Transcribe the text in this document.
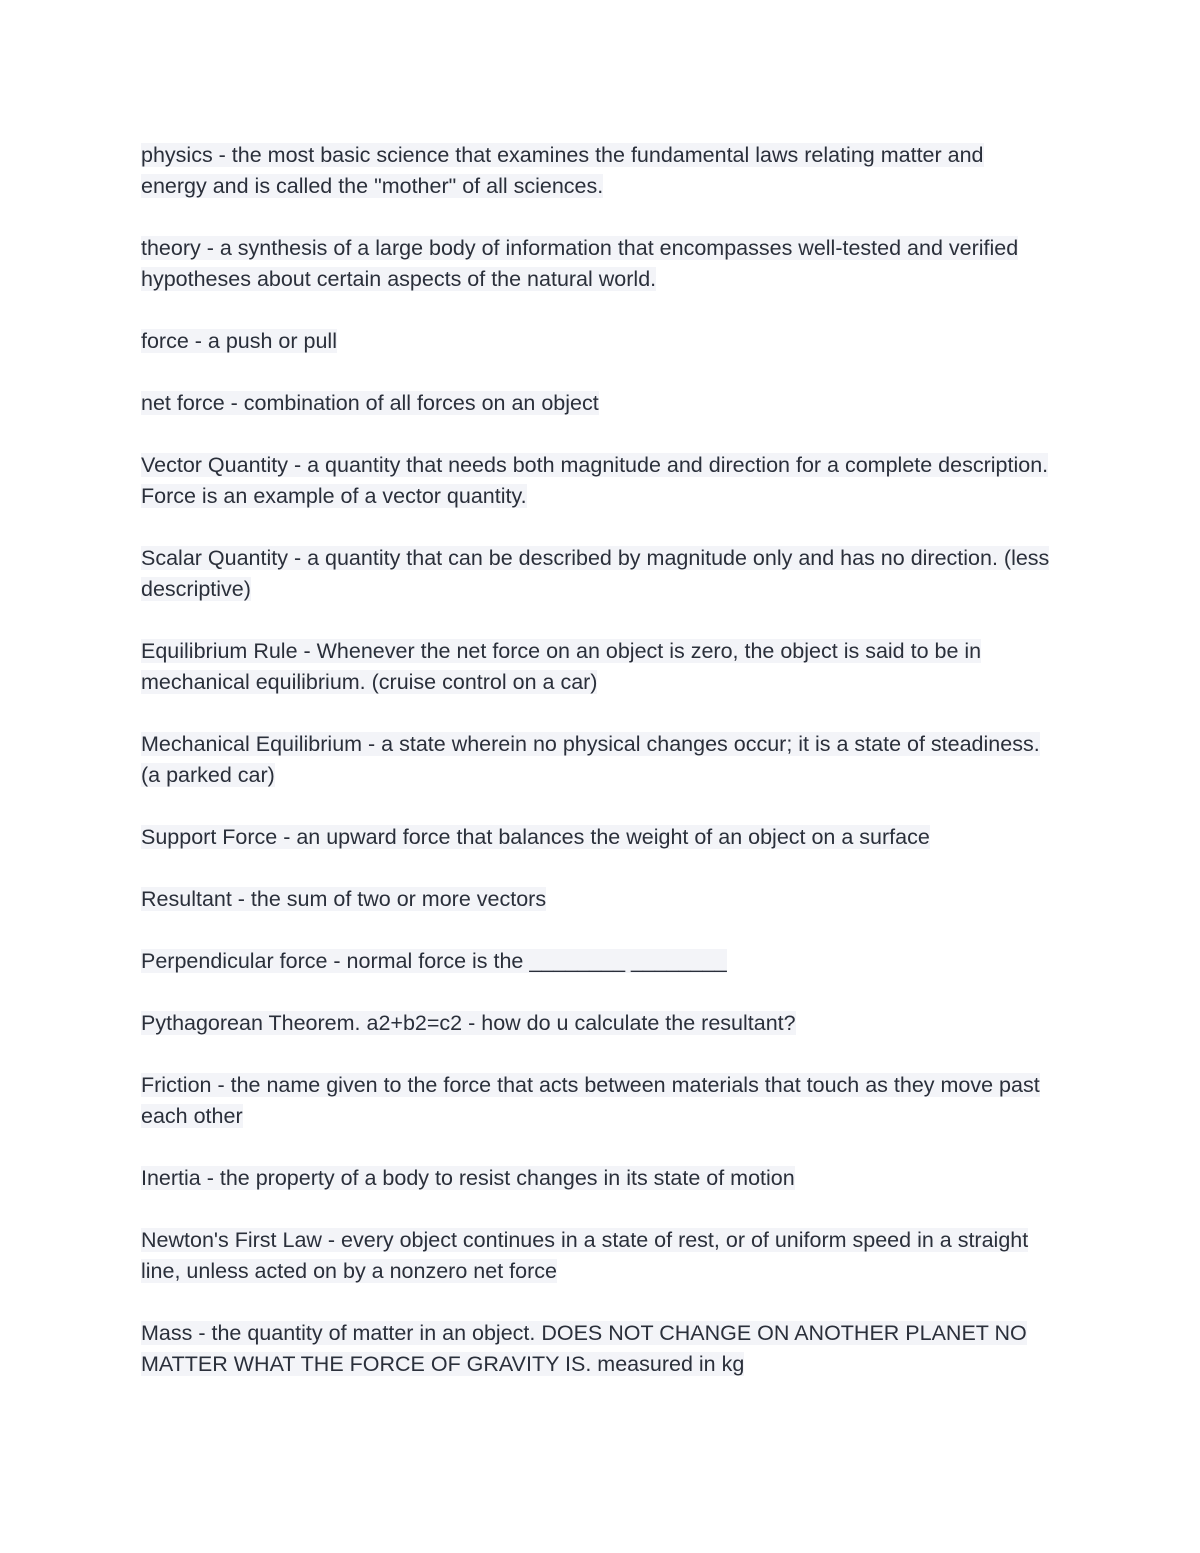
physics - the most basic science that examines the fundamental laws relating matter and energy and is called the "mother" of all sciences.

theory - a synthesis of a large body of information that encompasses well-tested and verified hypotheses about certain aspects of the natural world.

force - a push or pull

net force - combination of all forces on an object

Vector Quantity - a quantity that needs both magnitude and direction for a complete description. Force is an example of a vector quantity.

Scalar Quantity - a quantity that can be described by magnitude only and has no direction. (less descriptive)

Equilibrium Rule - Whenever the net force on an object is zero, the object is said to be in mechanical equilibrium. (cruise control on a car)

Mechanical Equilibrium - a state wherein no physical changes occur; it is a state of steadiness. (a parked car)

Support Force - an upward force that balances the weight of an object on a surface

Resultant - the sum of two or more vectors

Perpendicular force - normal force is the ________ ________

Pythagorean Theorem. a2+b2=c2 - how do u calculate the resultant?

Friction - the name given to the force that acts between materials that touch as they move past each other

Inertia - the property of a body to resist changes in its state of motion

Newton's First Law - every object continues in a state of rest, or of uniform speed in a straight line, unless acted on by a nonzero net force

Mass - the quantity of matter in an object. DOES NOT CHANGE ON ANOTHER PLANET NO MATTER WHAT THE FORCE OF GRAVITY IS. measured in kg
